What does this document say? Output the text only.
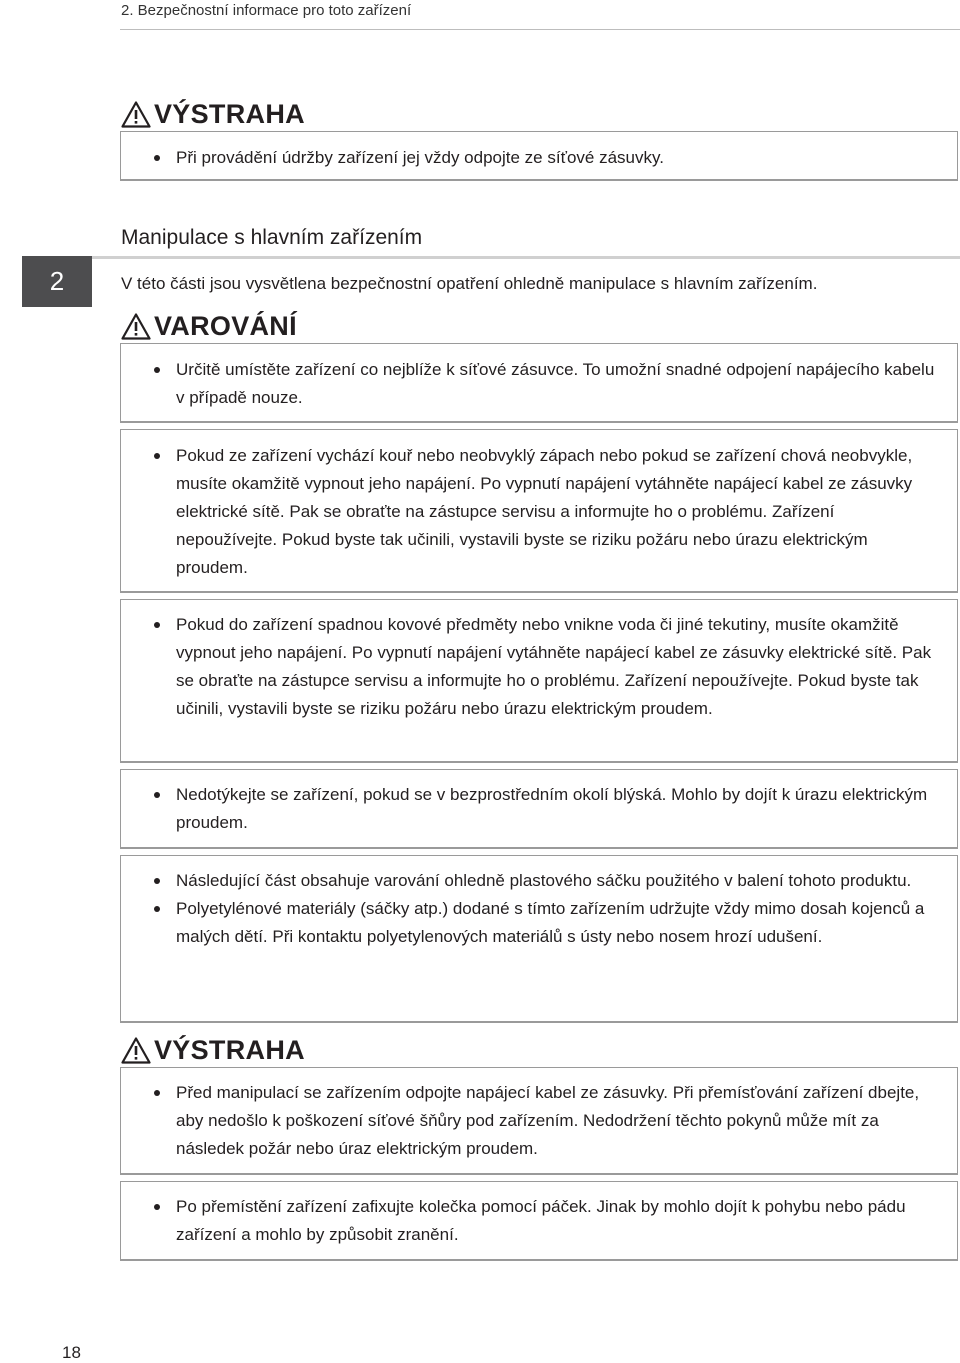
2. Bezpečnostní informace pro toto zařízení
2
VÝSTRAHA

Při provádění údržby zařízení jej vždy odpojte ze síťové zásuvky.

Manipulace s hlavním zařízením
V této části jsou vysvětlena bezpečnostní opatření ohledně manipulace s hlavním zařízením.
VAROVÁNÍ

Určitě umístěte zařízení co nejblíže k síťové zásuvce. To umožní snadné odpojení napájecího kabelu v případě nouze.

Pokud ze zařízení vychází kouř nebo neobvyklý zápach nebo pokud se zařízení chová neobvykle, musíte okamžitě vypnout jeho napájení. Po vypnutí napájení vytáhněte napájecí kabel ze zásuvky elektrické sítě. Pak se obraťte na zástupce servisu a informujte ho o problému. Zařízení nepoužívejte. Pokud byste tak učinili, vystavili byste se riziku požáru nebo úrazu elektrickým proudem.

Pokud do zařízení spadnou kovové předměty nebo vnikne voda či jiné tekutiny, musíte okamžitě vypnout jeho napájení. Po vypnutí napájení vytáhněte napájecí kabel ze zásuvky elektrické sítě. Pak se obraťte na zástupce servisu a informujte ho o problému. Zařízení nepoužívejte. Pokud byste tak učinili, vystavili byste se riziku požáru nebo úrazu elektrickým proudem.

Nedotýkejte se zařízení, pokud se v bezprostředním okolí blýská. Mohlo by dojít k úrazu elektrickým proudem.

Následující část obsahuje varování ohledně plastového sáčku použitého v balení tohoto produktu.

Polyetylénové materiály (sáčky atp.) dodané s tímto zařízením udržujte vždy mimo dosah kojenců a malých dětí. Při kontaktu polyetylenových materiálů s ústy nebo nosem hrozí udušení.

VÝSTRAHA

Před manipulací se zařízením odpojte napájecí kabel ze zásuvky. Při přemísťování zařízení dbejte, aby nedošlo k poškození síťové šňůry pod zařízením. Nedodržení těchto pokynů může mít za následek požár nebo úraz elektrickým proudem.

Po přemístění zařízení zafixujte kolečka pomocí páček. Jinak by mohlo dojít k pohybu nebo pádu zařízení a mohlo by způsobit zranění.

18
